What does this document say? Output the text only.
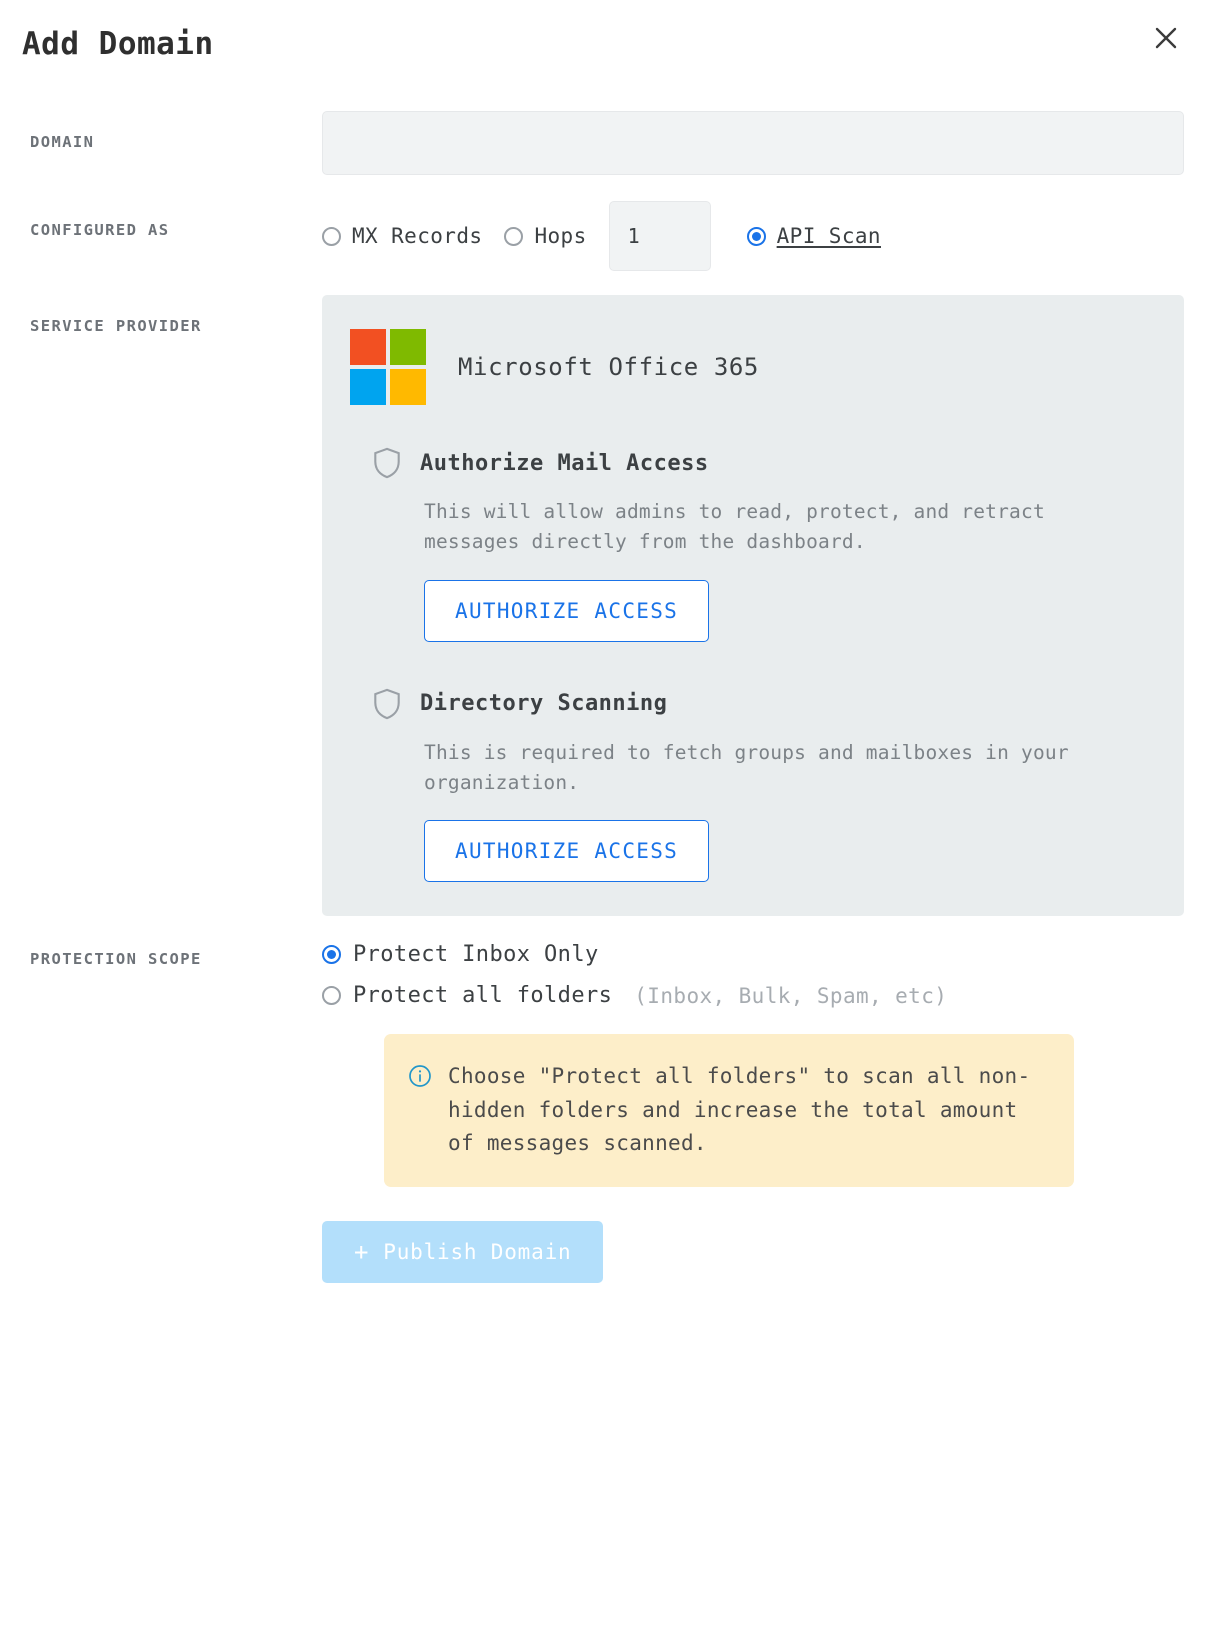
Add Domain
DOMAIN
CONFIGURED AS	MX Records Hops
1	API Scan
SERVICE PROVIDER
Microsoft Office 365
Authorize Mail Access

This will allow admins to read, protect, and retract messages directly from the dashboard.

AUTHORIZE ACCESS
Directory Scanning

This is required to fetch groups and mailboxes in your organization.

AUTHORIZE ACCESS
PROTECTION SCOPE	Protect Inbox Only
Protect all folders (Inbox, Bulk, Spam, etc)
Choose "Protect all folders" to scan all non-hidden folders and increase the total amount of messages scanned.
+ Publish Domain
